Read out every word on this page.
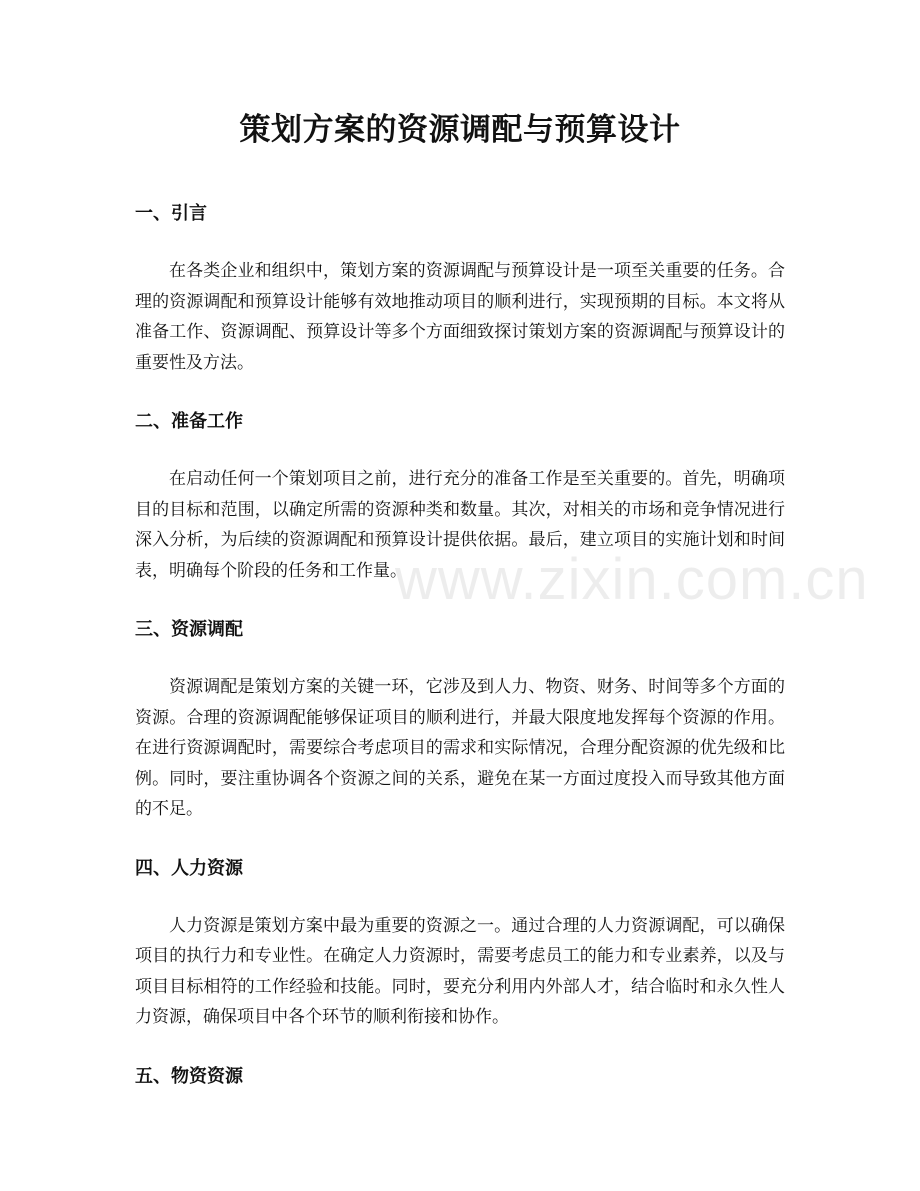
策划方案的资源调配与预算设计
一、引言

在各类企业和组织中，策划方案的资源调配与预算设计是一项至关重要的任务。合理的资源调配和预算设计能够有效地推动项目的顺利进行，实现预期的目标。本文将从准备工作、资源调配、预算设计等多个方面细致探讨策划方案的资源调配与预算设计的重要性及方法。

二、准备工作

在启动任何一个策划项目之前，进行充分的准备工作是至关重要的。首先，明确项目的目标和范围，以确定所需的资源种类和数量。其次，对相关的市场和竞争情况进行深入分析，为后续的资源调配和预算设计提供依据。最后，建立项目的实施计划和时间表，明确每个阶段的任务和工作量。

三、资源调配

资源调配是策划方案的关键一环，它涉及到人力、物资、财务、时间等多个方面的资源。合理的资源调配能够保证项目的顺利进行，并最大限度地发挥每个资源的作用。在进行资源调配时，需要综合考虑项目的需求和实际情况，合理分配资源的优先级和比例。同时，要注重协调各个资源之间的关系，避免在某一方面过度投入而导致其他方面的不足。

四、人力资源

人力资源是策划方案中最为重要的资源之一。通过合理的人力资源调配，可以确保项目的执行力和专业性。在确定人力资源时，需要考虑员工的能力和专业素养，以及与项目目标相符的工作经验和技能。同时，要充分利用内外部人才，结合临时和永久性人力资源，确保项目中各个环节的顺利衔接和协作。

五、物资资源
www.zixin.com.cn
